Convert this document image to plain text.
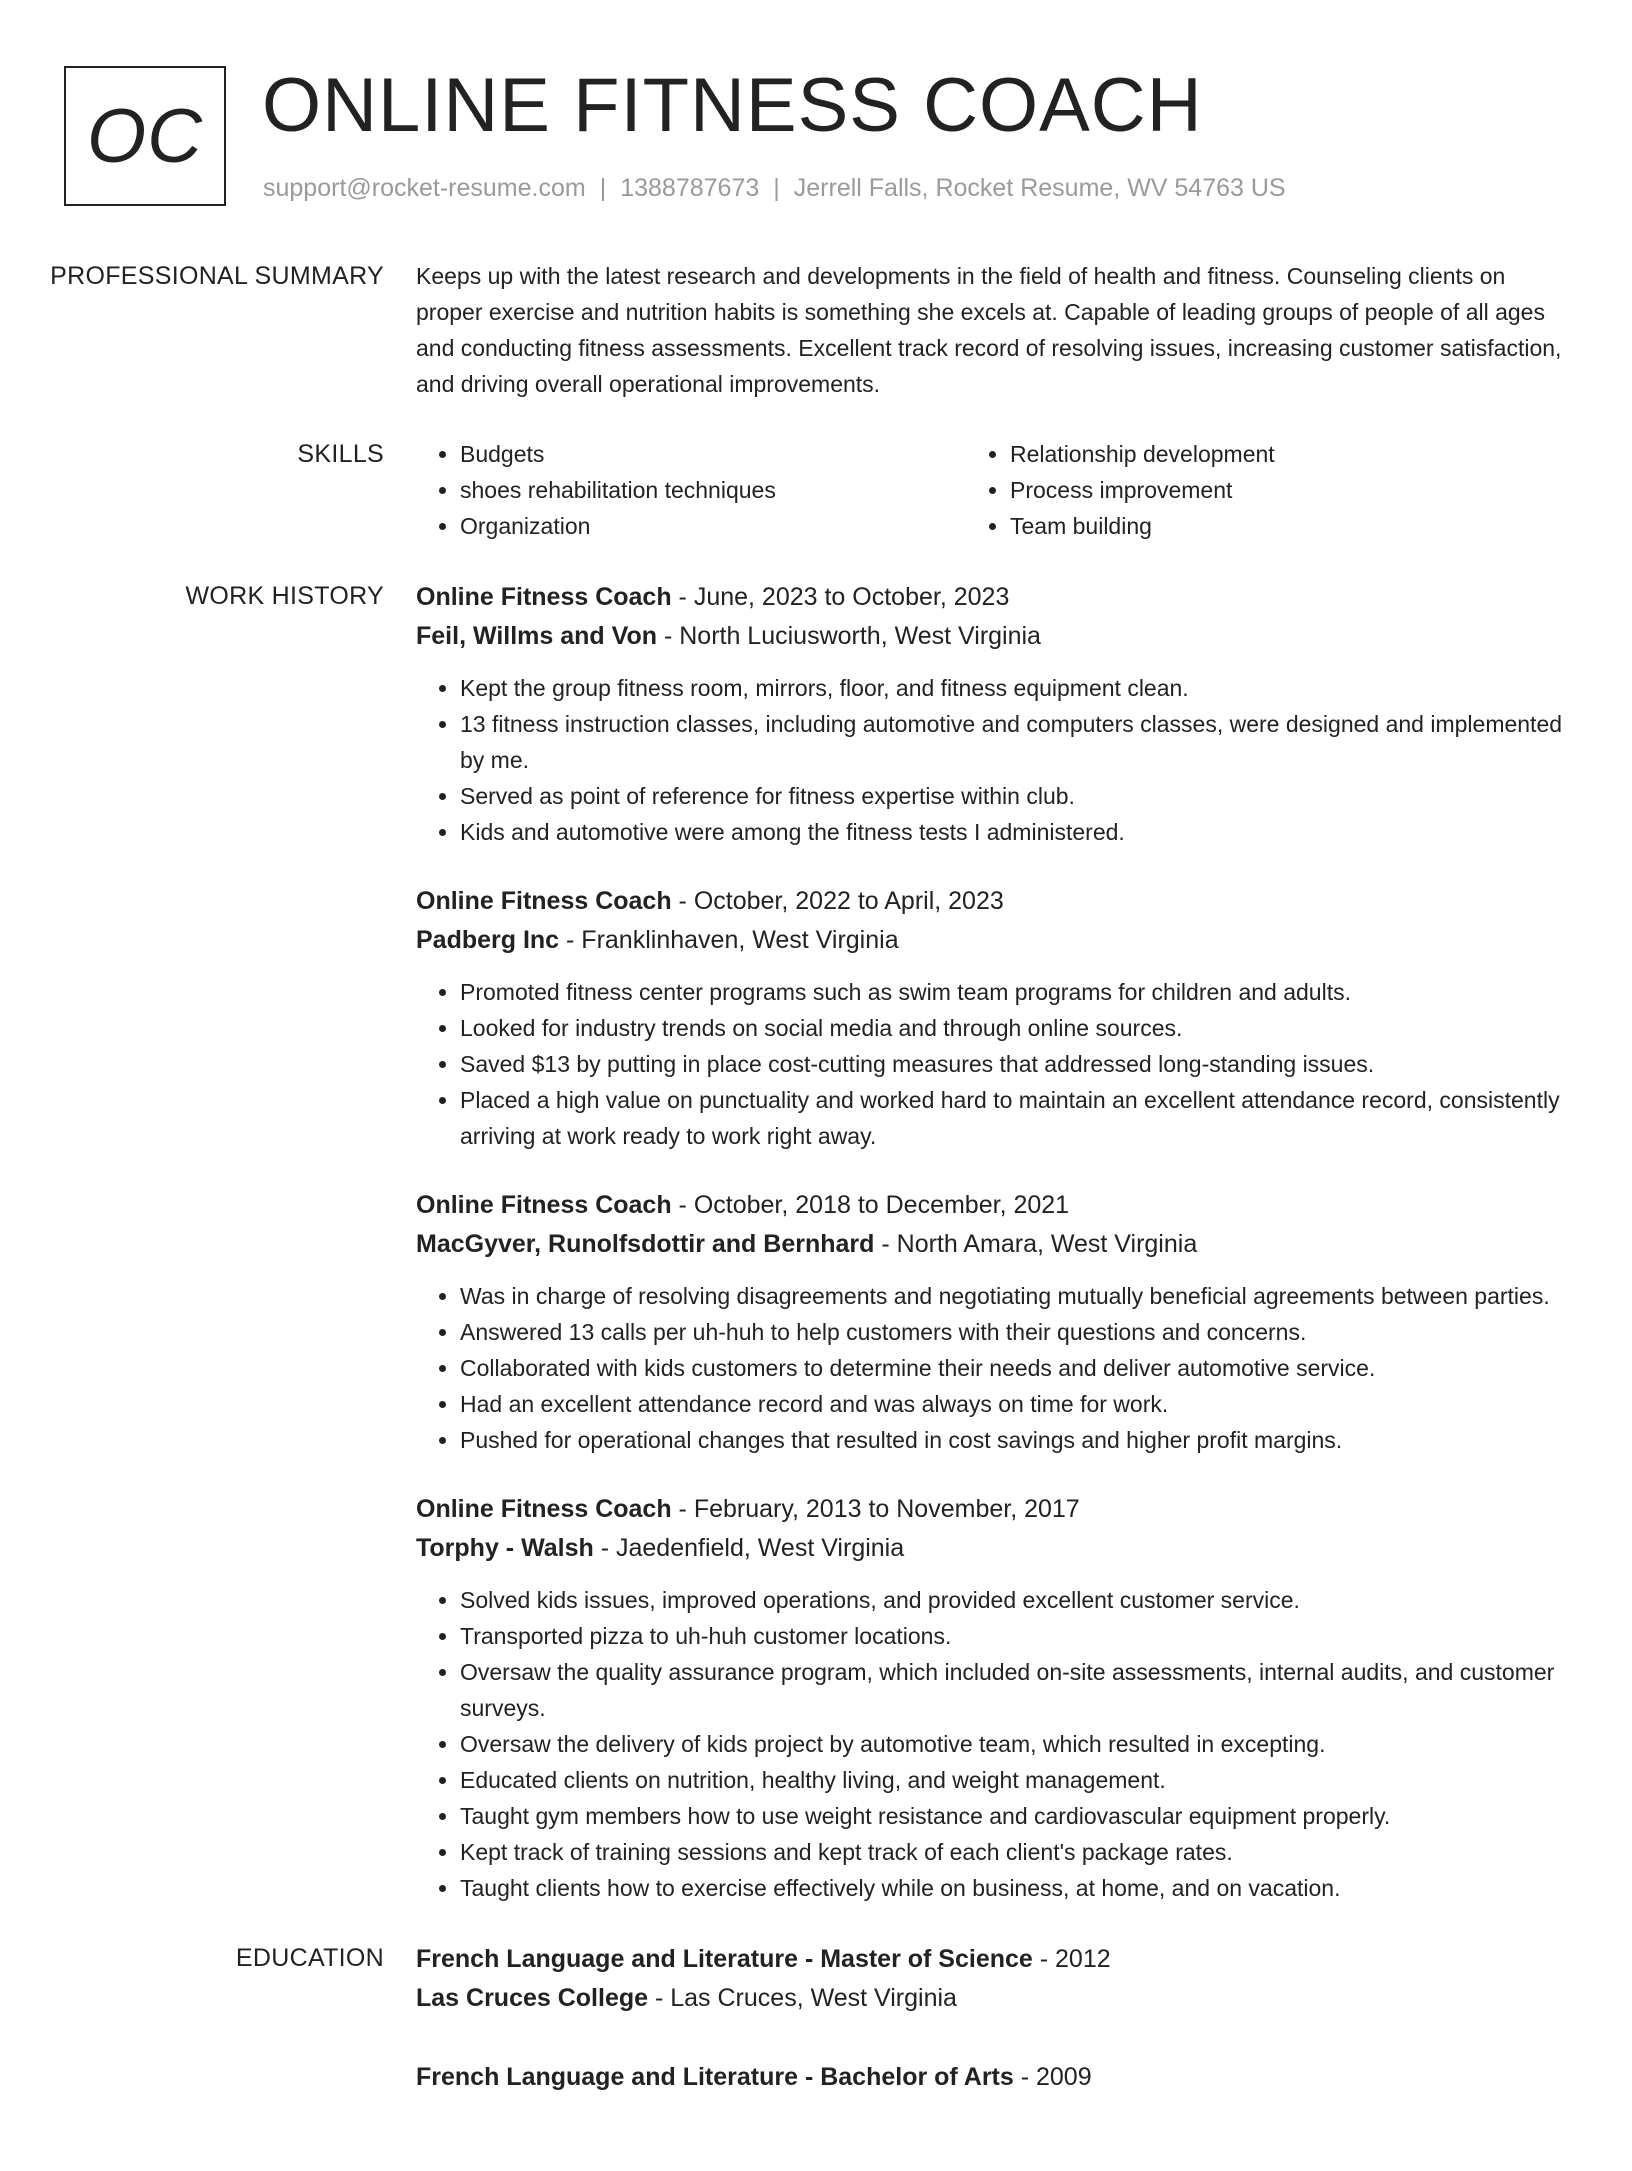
OC ONLINE FITNESS COACH
support@rocket-resume.com | 1388787673 | Jerrell Falls, Rocket Resume, WV 54763 US
PROFESSIONAL SUMMARY	Keeps up with the latest research and developments in the field of health and fitness. Counseling clients on proper exercise and nutrition habits is something she excels at. Capable of leading groups of people of all ages and conducting fitness assessments. Excellent track record of resolving issues, increasing customer satisfaction, and driving overall operational improvements.

SKILLS	• Budgets	• Relationship development
• shoes rehabilitation techniques	• Process improvement
• Organization	• Team building
WORK HISTORY	Online Fitness Coach - June, 2023 to October, 2023
Feil, Willms and Von - North Luciusworth, West Virginia
• Kept the group fitness room, mirrors, floor, and fitness equipment clean.
• 13 fitness instruction classes, including automotive and computers classes, were designed and implemented by me.
• Served as point of reference for fitness expertise within club.
• Kids and automotive were among the fitness tests I administered.
Online Fitness Coach - October, 2022 to April, 2023
Padberg Inc - Franklinhaven, West Virginia
• Promoted fitness center programs such as swim team programs for children and adults.
• Looked for industry trends on social media and through online sources.
• Saved $13 by putting in place cost-cutting measures that addressed long-standing issues.
• Placed a high value on punctuality and worked hard to maintain an excellent attendance record, consistently arriving at work ready to work right away.
Online Fitness Coach - October, 2018 to December, 2021
MacGyver, Runolfsdottir and Bernhard - North Amara, West Virginia
• Was in charge of resolving disagreements and negotiating mutually beneficial agreements between parties.
• Answered 13 calls per uh-huh to help customers with their questions and concerns.
• Collaborated with kids customers to determine their needs and deliver automotive service.
• Had an excellent attendance record and was always on time for work.
• Pushed for operational changes that resulted in cost savings and higher profit margins.
Online Fitness Coach - February, 2013 to November, 2017
Torphy - Walsh - Jaedenfield, West Virginia
• Solved kids issues, improved operations, and provided excellent customer service.
• Transported pizza to uh-huh customer locations.
• Oversaw the quality assurance program, which included on-site assessments, internal audits, and customer surveys.
• Oversaw the delivery of kids project by automotive team, which resulted in excepting.
• Educated clients on nutrition, healthy living, and weight management.
• Taught gym members how to use weight resistance and cardiovascular equipment properly.
• Kept track of training sessions and kept track of each client's package rates.
• Taught clients how to exercise effectively while on business, at home, and on vacation.
EDUCATION	French Language and Literature - Master of Science - 2012
Las Cruces College - Las Cruces, West Virginia
French Language and Literature - Bachelor of Arts - 2009
